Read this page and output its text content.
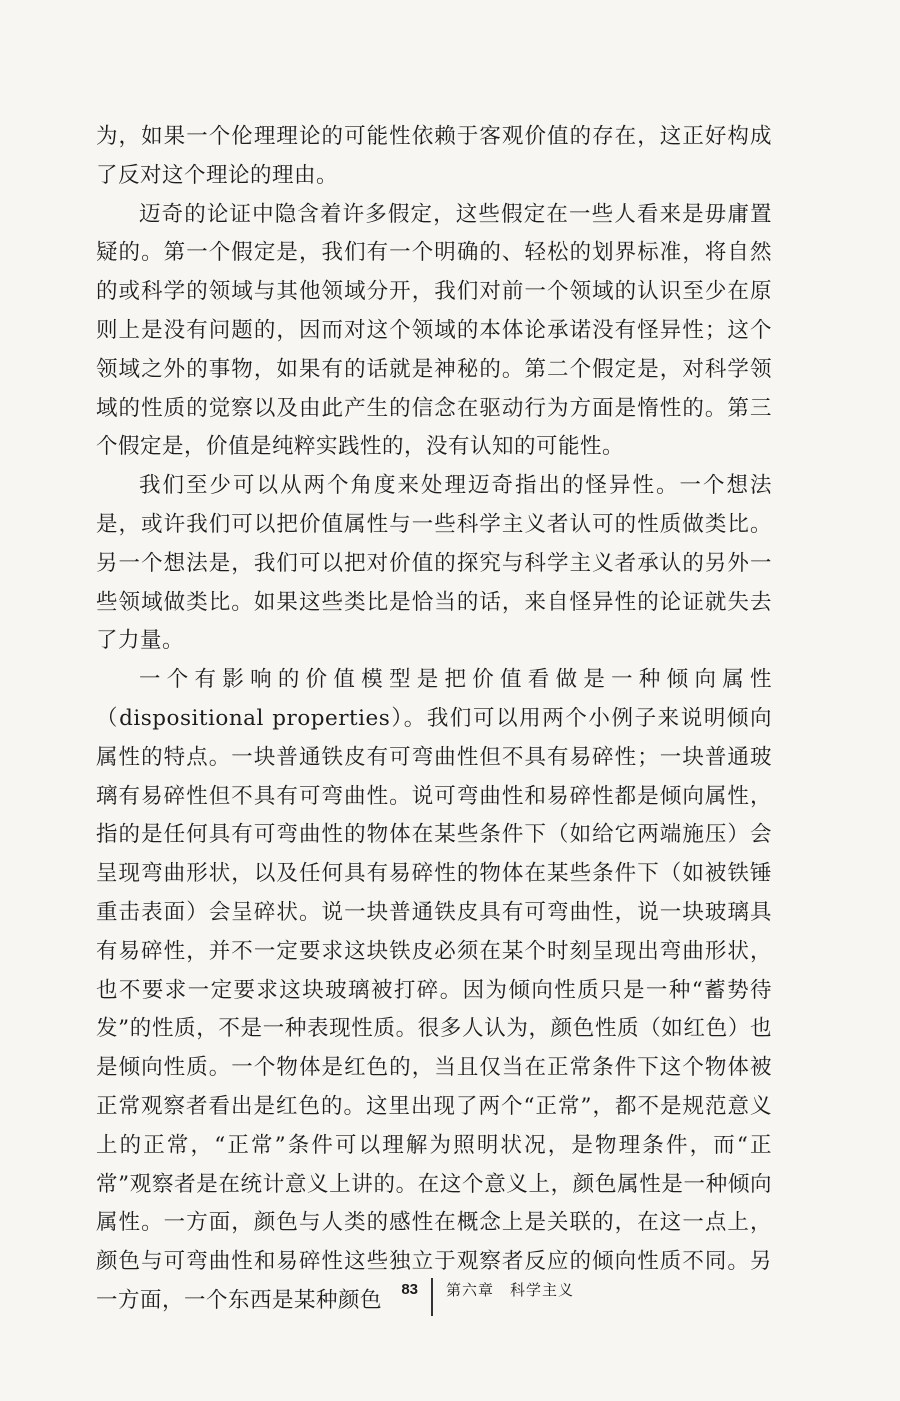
为，如果一个伦理理论的可能性依赖于客观价值的存在，这正好构成了反对这个理论的理由。

迈奇的论证中隐含着许多假定，这些假定在一些人看来是毋庸置疑的。第一个假定是，我们有一个明确的、轻松的划界标准，将自然的或科学的领域与其他领域分开，我们对前一个领域的认识至少在原则上是没有问题的，因而对这个领域的本体论承诺没有怪异性；这个领域之外的事物，如果有的话就是神秘的。第二个假定是，对科学领域的性质的觉察以及由此产生的信念在驱动行为方面是惰性的。第三个假定是，价值是纯粹实践性的，没有认知的可能性。

我们至少可以从两个角度来处理迈奇指出的怪异性。一个想法是，或许我们可以把价值属性与一些科学主义者认可的性质做类比。另一个想法是，我们可以把对价值的探究与科学主义者承认的另外一些领域做类比。如果这些类比是恰当的话，来自怪异性的论证就失去了力量。

一个有影响的价值模型是把价值看做是一种倾向属性（dispositional properties）。我们可以用两个小例子来说明倾向属性的特点。一块普通铁皮有可弯曲性但不具有易碎性；一块普通玻璃有易碎性但不具有可弯曲性。说可弯曲性和易碎性都是倾向属性，指的是任何具有可弯曲性的物体在某些条件下（如给它两端施压）会呈现弯曲形状，以及任何具有易碎性的物体在某些条件下（如被铁锤重击表面）会呈碎状。说一块普通铁皮具有可弯曲性，说一块玻璃具有易碎性，并不一定要求这块铁皮必须在某个时刻呈现出弯曲形状，也不要求一定要求这块玻璃被打碎。因为倾向性质只是一种“蓄势待发”的性质，不是一种表现性质。很多人认为，颜色性质（如红色）也是倾向性质。一个物体是红色的，当且仅当在正常条件下这个物体被正常观察者看出是红色的。这里出现了两个“正常”，都不是规范意义上的正常，“正常”条件可以理解为照明状况，是物理条件，而“正常”观察者是在统计意义上讲的。在这个意义上，颜色属性是一种倾向属性。一方面，颜色与人类的感性在概念上是关联的，在这一点上，颜色与可弯曲性和易碎性这些独立于观察者反应的倾向性质不同。另一方面，一个东西是某种颜色	83 第六章　科学主义
